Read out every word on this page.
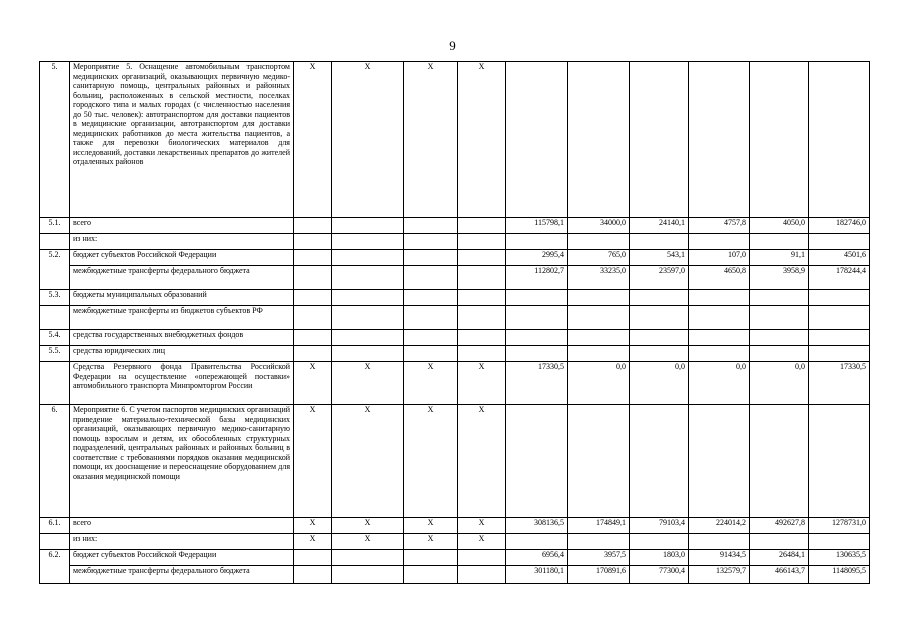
9
5.	Мероприятие 5. Оснащение автомобильным транспортом медицинских организаций, оказывающих первичную медико-санитарную помощь, центральных районных и районных больниц, расположенных в сельской местности, поселках городского типа и малых городах (с численностью населения до 50 тыс. человек): автотранспортом для доставки пациентов в медицинские организации, автотранспортом для доставки медицинских работников до места жительства пациентов, а также для перевозки биологических материалов для исследований, доставки лекарственных препаратов до жителей отдаленных районов	X	X	X	X						
5.1.	всего					115798,1	34000,0	24140,1	4757,8	4050,0	182746,0
	из них:										
5.2.	бюджет субъектов Российской Федерации					2995,4	765,0	543,1	107,0	91,1	4501,6
	межбюджетные трансферты федерального бюджета					112802,7	33235,0	23597,0	4650,8	3958,9	178244,4
5.3.	бюджеты муниципальных образований										
	межбюджетные трансферты из бюджетов субъектов РФ										
5.4.	средства государственных внебюджетных фондов										
5.5.	средства юридических лиц										
	Средства Резервного фонда Правительства Российской Федерации на осуществление «опережающей поставки» автомобильного транспорта Минпромторгом России	X	X	X	X	17330,5	0,0	0,0	0,0	0,0	17330,5
6.	Мероприятие 6. С учетом паспортов медицинских организаций приведение материально-технической базы медицинских организаций, оказывающих первичную медико-санитарную помощь взрослым и детям, их обособленных структурных подразделений, центральных районных и районных больниц в соответствие с требованиями порядков оказания медицинской помощи, их дооснащение и переоснащение оборудованием для оказания медицинской помощи	X	X	X	X						
6.1.	всего	X	X	X	X	308136,5	174849,1	79103,4	224014,2	492627,8	1278731,0
	из них:	X	X	X	X						
6.2.	бюджет субъектов Российской Федерации					6956,4	3957,5	1803,0	91434,5	26484,1	130635,5
	межбюджетные трансферты федерального бюджета					301180,1	170891,6	77300,4	132579,7	466143,7	1148095,5
